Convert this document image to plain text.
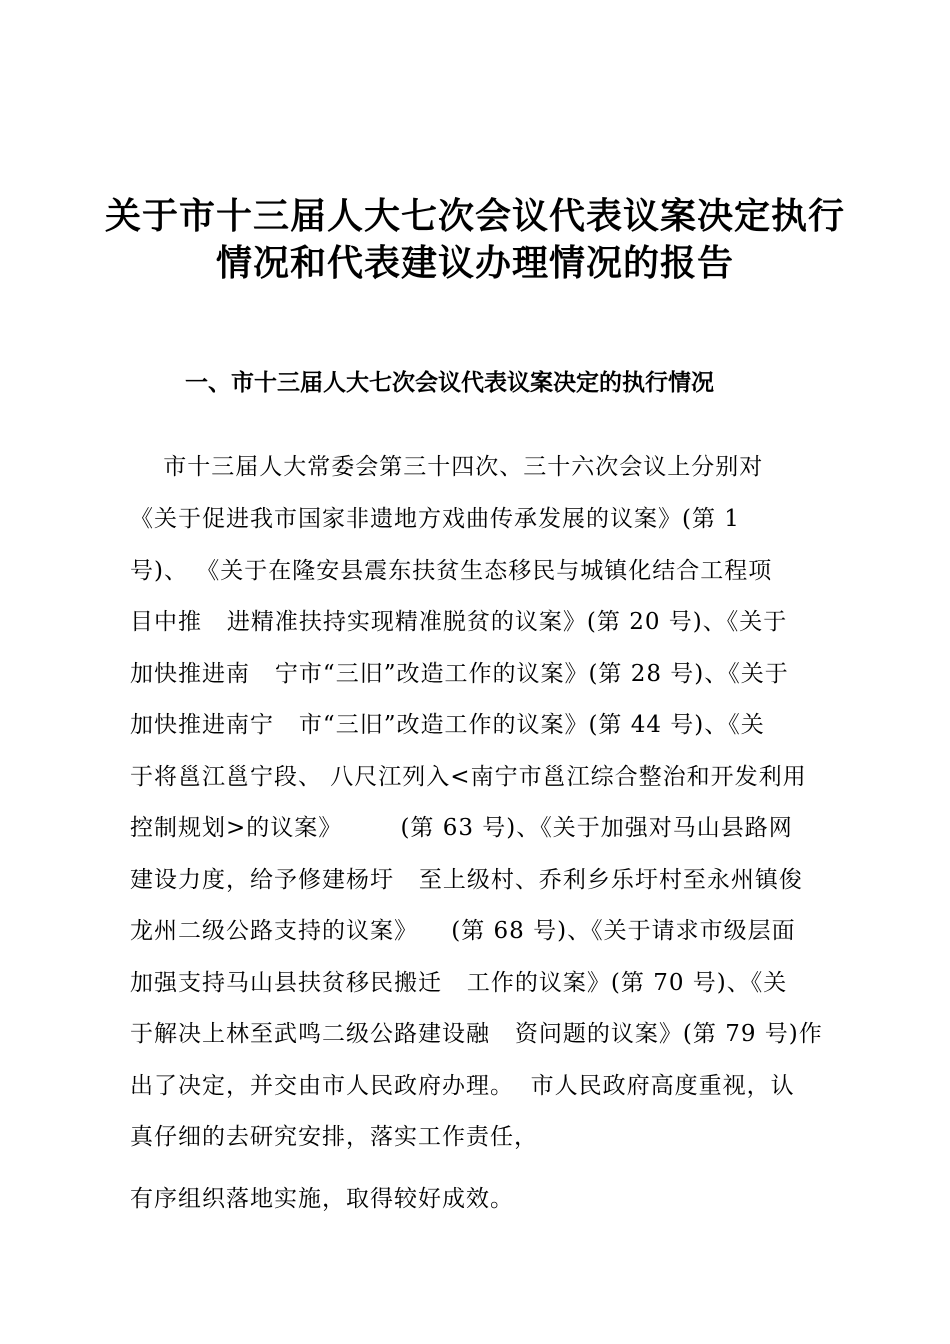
关于市十三届人大七次会议代表议案决定执行
情况和代表建议办理情况的报告
一、市十三届人大七次会议代表议案决定的执行情况
市十三届人大常委会第三十四次、三十六次会议上分别对
《关于促进我市国家非遗地方戏曲传承发展的议案》(第 1
号)、 《关于在隆安县震东扶贫生态移民与城镇化结合工程项
目中推   进精准扶持实现精准脱贫的议案》(第 20 号)、《关于
加快推进南   宁市“三旧”改造工作的议案》(第 28 号)、《关于
加快推进南宁   市“三旧”改造工作的议案》(第 44 号)、《关
于将邕江邕宁段、 八尺江列入<南宁市邕江综合整治和开发利用
控制规划>的议案》       (第 63 号)、《关于加强对马山县路网
建设力度，给予修建杨圩   至上级村、乔利乡乐圩村至永州镇俊
龙州二级公路支持的议案》    (第 68 号)、《关于请求市级层面
加强支持马山县扶贫移民搬迁   工作的议案》(第 70 号)、《关
于解决上林至武鸣二级公路建设融   资问题的议案》(第 79 号)作
出了决定，并交由市人民政府办理。  市人民政府高度重视，认
真仔细的去研究安排，落实工作责任，
有序组织落地实施，取得较好成效。
